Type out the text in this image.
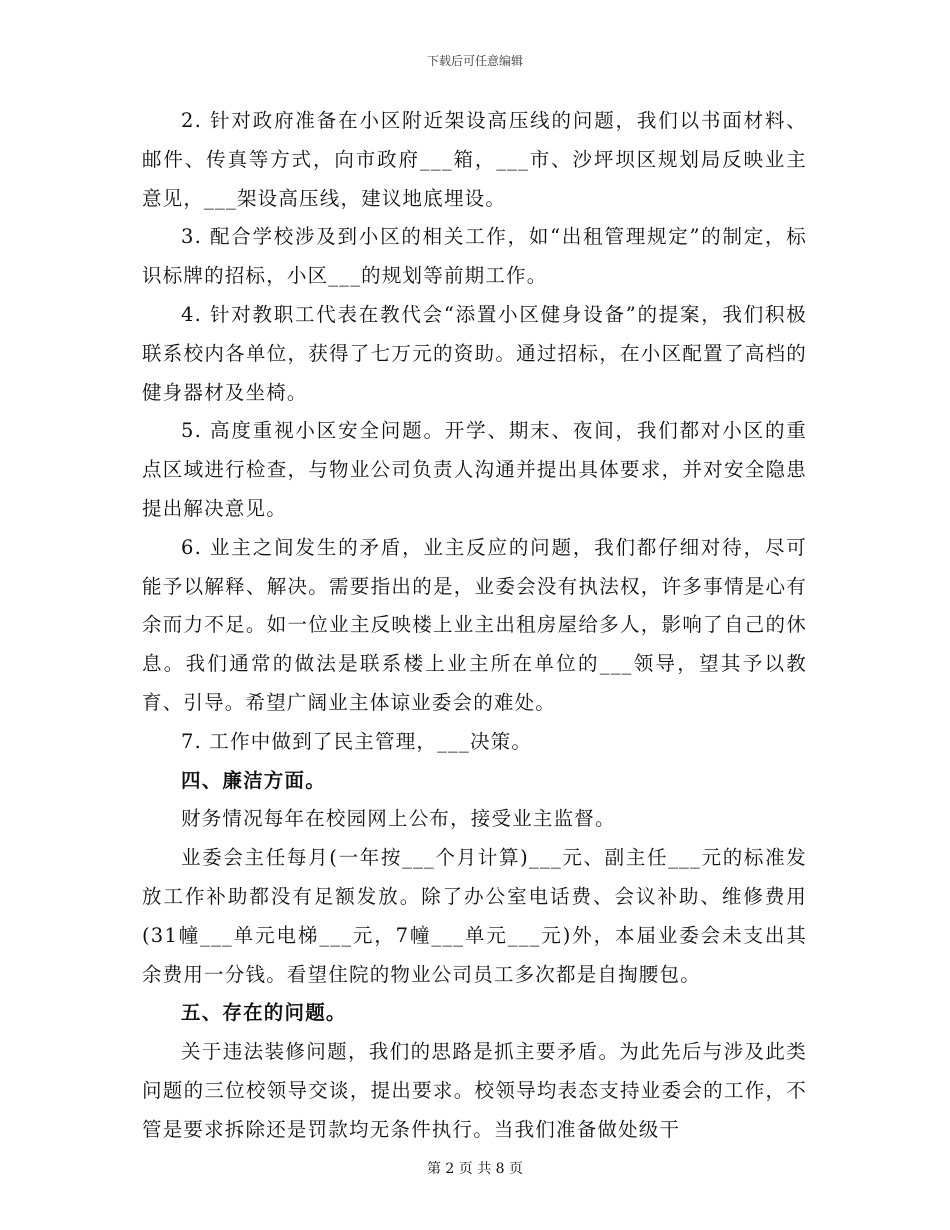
下载后可任意编辑

2. 针对政府准备在小区附近架设高压线的问题，我们以书面材料、邮件、传真等方式，向市政府___箱，___市、沙坪坝区规划局反映业主意见，___架设高压线，建议地底埋设。

3. 配合学校涉及到小区的相关工作，如“出租管理规定”的制定，标识标牌的招标，小区___的规划等前期工作。

4. 针对教职工代表在教代会“添置小区健身设备”的提案，我们积极联系校内各单位，获得了七万元的资助。通过招标，在小区配置了高档的健身器材及坐椅。

5. 高度重视小区安全问题。开学、期末、夜间，我们都对小区的重点区域进行检查，与物业公司负责人沟通并提出具体要求，并对安全隐患提出解决意见。

6. 业主之间发生的矛盾，业主反应的问题，我们都仔细对待，尽可能予以解释、解决。需要指出的是，业委会没有执法权，许多事情是心有余而力不足。如一位业主反映楼上业主出租房屋给多人，影响了自己的休息。我们通常的做法是联系楼上业主所在单位的___领导，望其予以教育、引导。希望广阔业主体谅业委会的难处。

7. 工作中做到了民主管理，___决策。

四、廉洁方面。

财务情况每年在校园网上公布，接受业主监督。

业委会主任每月(一年按___个月计算)___元、副主任___元的标准发放工作补助都没有足额发放。除了办公室电话费、会议补助、维修费用(31幢___单元电梯___元，7幢___单元___元)外，本届业委会未支出其余费用一分钱。看望住院的物业公司员工多次都是自掏腰包。

五、存在的问题。

关于违法装修问题，我们的思路是抓主要矛盾。为此先后与涉及此类问题的三位校领导交谈，提出要求。校领导均表态支持业委会的工作，不管是要求拆除还是罚款均无条件执行。当我们准备做处级干

第 2 页 共 8 页
